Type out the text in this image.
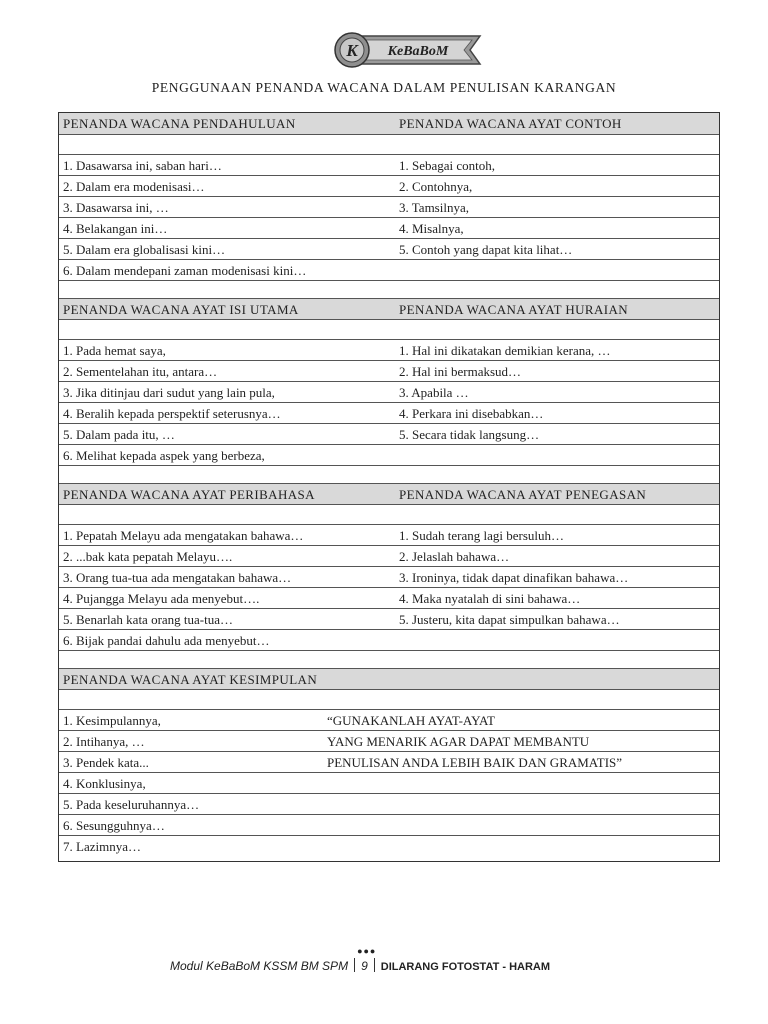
K KeBaBoM
PENGGUNAAN PENANDA WACANA DALAM PENULISAN KARANGAN
PENANDA WACANA PENDAHULUAN	PENANDA WACANA AYAT CONTOH
1. Dasawarsa ini, saban hari…	1. Sebagai contoh,
2. Dalam era modenisasi…	2. Contohnya,
3. Dasawarsa ini, …	3. Tamsilnya,
4. Belakangan ini…	4. Misalnya,
5. Dalam era globalisasi kini…	5. Contoh yang dapat kita lihat…
6. Dalam mendepani zaman modenisasi kini…
PENANDA WACANA AYAT ISI UTAMA	PENANDA WACANA AYAT HURAIAN
1. Pada hemat saya,	1. Hal ini dikatakan demikian kerana, …
2. Sementelahan itu, antara…	2. Hal ini bermaksud…
3. Jika ditinjau dari sudut yang lain pula,	3. Apabila …
4. Beralih kepada perspektif seterusnya…	4. Perkara ini disebabkan…
5. Dalam pada itu, …	5. Secara tidak langsung…
6. Melihat kepada aspek yang berbeza,
PENANDA WACANA AYAT PERIBAHASA	PENANDA WACANA AYAT PENEGASAN
1. Pepatah Melayu ada mengatakan bahawa…	1. Sudah terang lagi bersuluh…
2. ...bak kata pepatah Melayu….	2. Jelaslah bahawa…
3. Orang tua-tua ada mengatakan bahawa…	3. Ironinya, tidak dapat dinafikan bahawa…
4. Pujangga Melayu ada menyebut….	4. Maka nyatalah di sini bahawa…
5. Benarlah kata orang tua-tua…	5. Justeru, kita dapat simpulkan bahawa…
6. Bijak pandai dahulu ada menyebut…
PENANDA WACANA AYAT KESIMPULAN
1. Kesimpulannya,	“GUNAKANLAH AYAT-AYAT
2. Intihanya, …	YANG MENARIK AGAR DAPAT MEMBANTU
3. Pendek kata...	PENULISAN ANDA LEBIH BAIK DAN GRAMATIS”
4. Konklusinya,
5. Pada keseluruhannya…
6. Sesungguhnya…
7. Lazimnya…
Modul KeBaBoM KSSM BM SPM
●●●
9 DILARANG FOTOSTAT - HARAM
